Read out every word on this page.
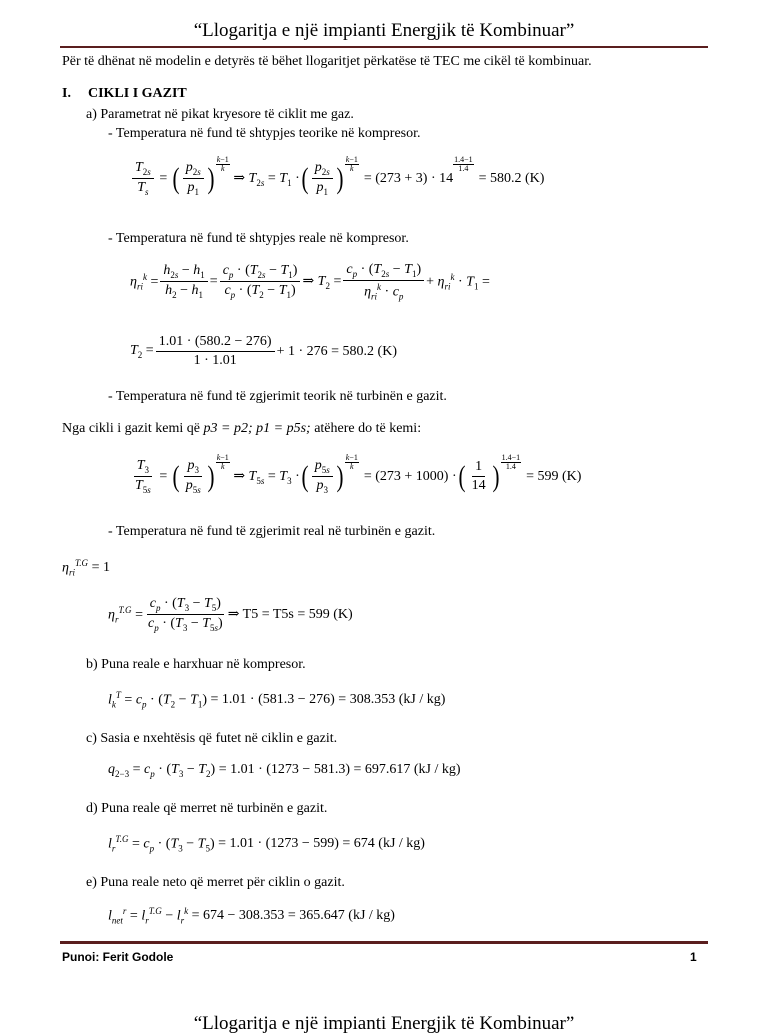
“Llogaritja e një impianti Energjik të Kombinuar”
Për të dhënat në modelin e detyrës të bëhet llogaritjet përkatëse të TEC me cikël të kombinuar.
I. CIKLI I GAZIT
a) Parametrat në pikat kryesore të ciklit me gaz.
- Temperatura në fund të shtypjes teorike në kompresor.
$\frac{T_{2s}}{T_s}$ = ( $\frac{p_{2s}}{p_1}$ )
k−1
k
⇒ $T_{2s} = T_1$ · ( $\frac{p_{2s}}{p_1}$ )
k−1
k
= (273 + 3) · 14
$\frac{1.4-1}{1.4}$
= 580.2 (K)
- Temperatura në fund të shtypjes reale në kompresor.
$\eta_{ri}^k = \frac{h_{2s} - h_1}{h_2 - h_1} = \frac{c_p \cdot (T_{2s} - T_1)}{c_p \cdot (T_2 - T_1)}$ ⇒ $T_2 = \frac{c_p \cdot (T_{2s} - T_1)}{\eta_{ri}^k \cdot c_p} + \eta_{ri}^k \cdot T_1$ =
$T_2 = \frac{1.01 \cdot (580.2 - 276)}{1 \cdot 1.01} + 1 \cdot 276 = 580.2$ (K)
- Temperatura në fund të zgjerimit teorik në turbinën e gazit.
Nga cikli i gazit kemi që p3 = p2; p1 = p5s; atëhere do të kemi:
$\frac{T_3}{T_{5s}}$ = ( $\frac{p_3}{p_{5s}}$ )
k−1
k
⇒ $T_{5s} = T_3$ · ( $\frac{p_{5s}}{p_3}$ )
k−1
k
= (273 + 1000) · ( $\frac{1}{14}$ ) $\frac{1.4-1}{1.4}$
= 599 (K)
- Temperatura në fund të zgjerimit real në turbinën e gazit.
$\eta_{ri}^{T.G} = 1$
$\eta_r^{T.G} = \frac{c_p \cdot (T_3 - T_5)}{c_p \cdot (T_3 - T_{5s})}$ ⇒ T5 = T5s = 599 (K)
b) Puna reale e harxhuar në kompresor.
$l_k^T = c_p \cdot (T_2 - T_1) = 1.01 \cdot (581.3 - 276) = 308.353$ (kJ / kg)
c) Sasia e nxehtësis që futet në ciklin e gazit.
$q_{2-3} = c_p \cdot (T_3 - T_2) = 1.01 \cdot (1273 - 581.3) = 697.617$ (kJ / kg)
d) Puna reale që merret në turbinën e gazit.
$l_r^{T.G} = c_p \cdot (T_3 - T_5) = 1.01 \cdot (1273 - 599) = 674$ (kJ / kg)
e) Puna reale neto që merret për ciklin o gazit.
$l_{net}^r = l_r^{T.G} - l_r^k = 674 - 308.353 = 365.647$ (kJ / kg)
Punoi: Ferit Godole	1
“Llogaritja e një impianti Energjik të Kombinuar”
